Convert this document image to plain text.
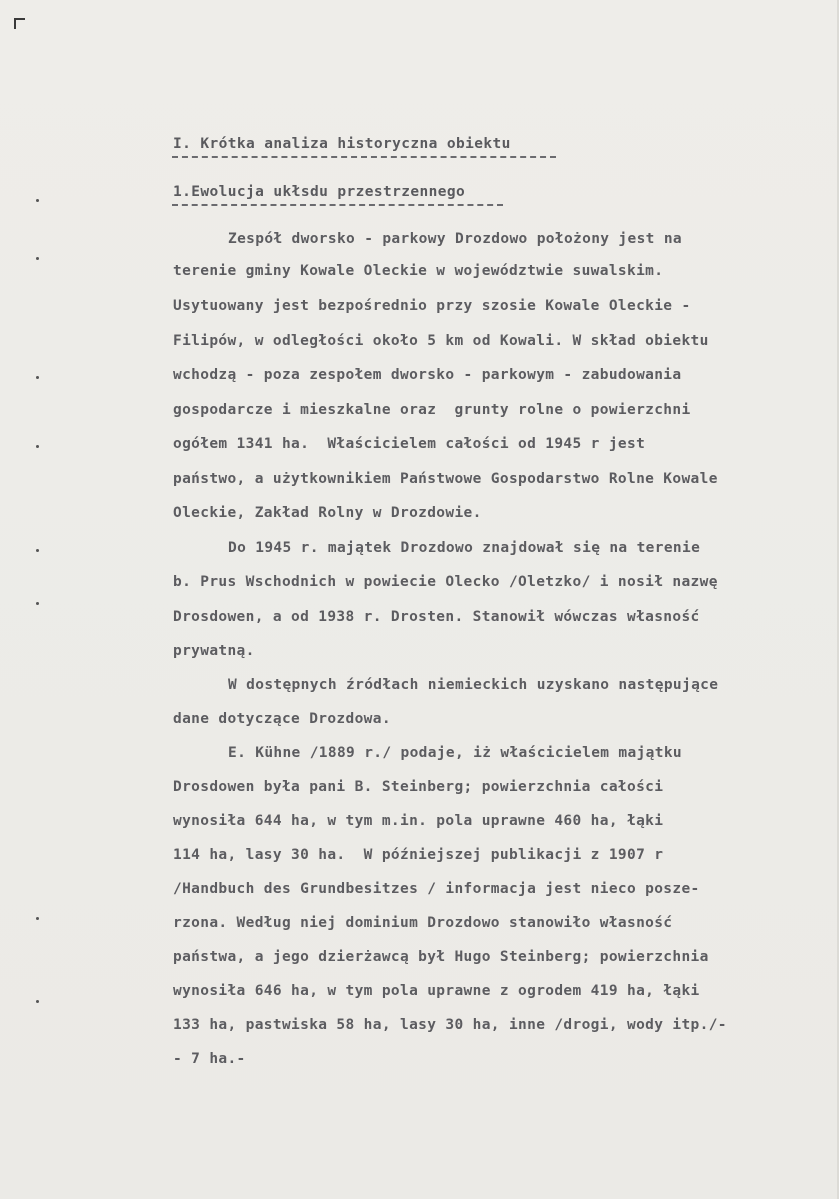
I. Krótka analiza historyczna obiektu
1.Ewolucja ukłsdu przestrzennego
Zespół dworsko - parkowy Drozdowo położony jest na
terenie gminy Kowale Oleckie w województwie suwalskim.
Usytuowany jest bezpośrednio przy szosie Kowale Oleckie -
Filipów, w odległości około 5 km od Kowali. W skład obiektu
wchodzą - poza zespołem dworsko - parkowym - zabudowania
gospodarcze i mieszkalne oraz  grunty rolne o powierzchni
ogółem 1341 ha.  Właścicielem całości od 1945 r jest
państwo, a użytkownikiem Państwowe Gospodarstwo Rolne Kowale
Oleckie, Zakład Rolny w Drozdowie.
Do 1945 r. majątek Drozdowo znajdował się na terenie
b. Prus Wschodnich w powiecie Olecko /Oletzko/ i nosił nazwę
Drosdowen, a od 1938 r. Drosten. Stanowił wówczas własność
prywatną.
W dostępnych źródłach niemieckich uzyskano następujące
dane dotyczące Drozdowa.
E. Kühne /1889 r./ podaje, iż właścicielem majątku
Drosdowen była pani B. Steinberg; powierzchnia całości
wynosiła 644 ha, w tym m.in. pola uprawne 460 ha, łąki
114 ha, lasy 30 ha.  W późniejszej publikacji z 1907 r
/Handbuch des Grundbesitzes / informacja jest nieco posze-
rzona. Według niej dominium Drozdowo stanowiło własność
państwa, a jego dzierżawcą był Hugo Steinberg; powierzchnia
wynosiła 646 ha, w tym pola uprawne z ogrodem 419 ha, łąki
133 ha, pastwiska 58 ha, lasy 30 ha, inne /drogi, wody itp./-
- 7 ha.-
